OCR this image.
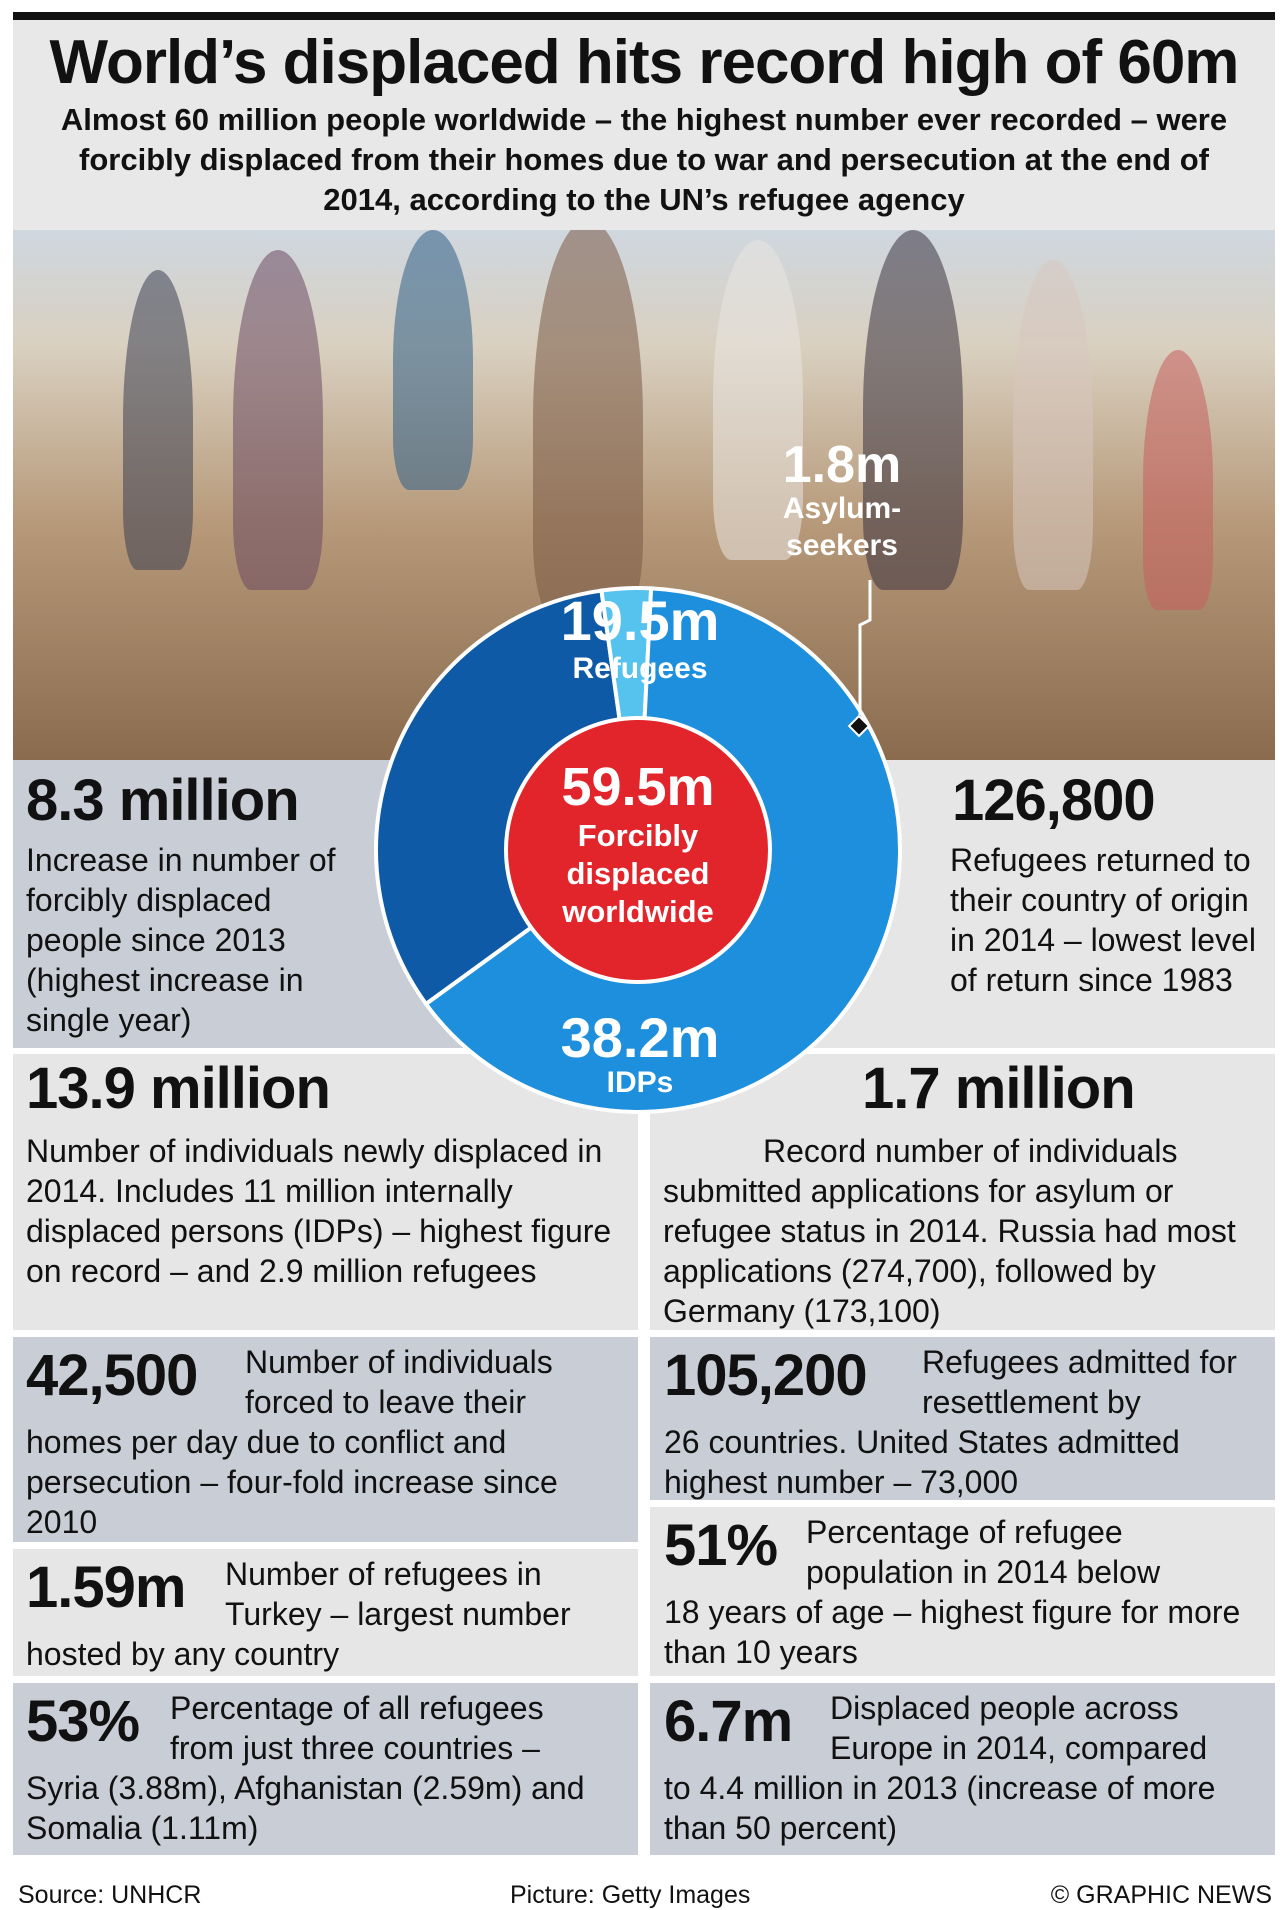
World’s displaced hits record high of 60m
Almost 60 million people worldwide – the highest number ever recorded – were forcibly displaced from their homes due to war and persecution at the end of 2014, according to the UN’s refugee agency
8.3 million
Increase in number of forcibly displaced people since 2013 (highest increase in single year)
126,800
Refugees returned to their country of origin in 2014 – lowest level of return since 1983
13.9 million
Number of individuals newly displaced in 2014. Includes 11 million internally displaced persons (IDPs) – highest figure on record – and 2.9 million refugees
1.7 million
Record number of individuals submitted applications for asylum or refugee status in 2014. Russia had most applications (274,700), followed by Germany (173,100)
42,500 Number of individuals forced to leave their
homes per day due to conflict and persecution – four-fold increase since 2010
105,200 Refugees admitted for resettlement by
26 countries. United States admitted highest number – 73,000
1.59m Number of refugees in Turkey – largest number
hosted by any country
51% Percentage of refugee population in 2014 below
18 years of age – highest figure for more than 10 years
53% Percentage of all refugees from just three countries –
Syria (3.88m), Afghanistan (2.59m) and Somalia (1.11m)
6.7m Displaced people across Europe in 2014, compared
to 4.4 million in 2013 (increase of more than 50 percent)
19.5m
Refugees
38.2m
IDPs
1.8m
Asylum-
seekers
59.5m
Forcibly
displaced
worldwide
Source: UNHCR	Picture: Getty Images	© GRAPHIC NEWS
